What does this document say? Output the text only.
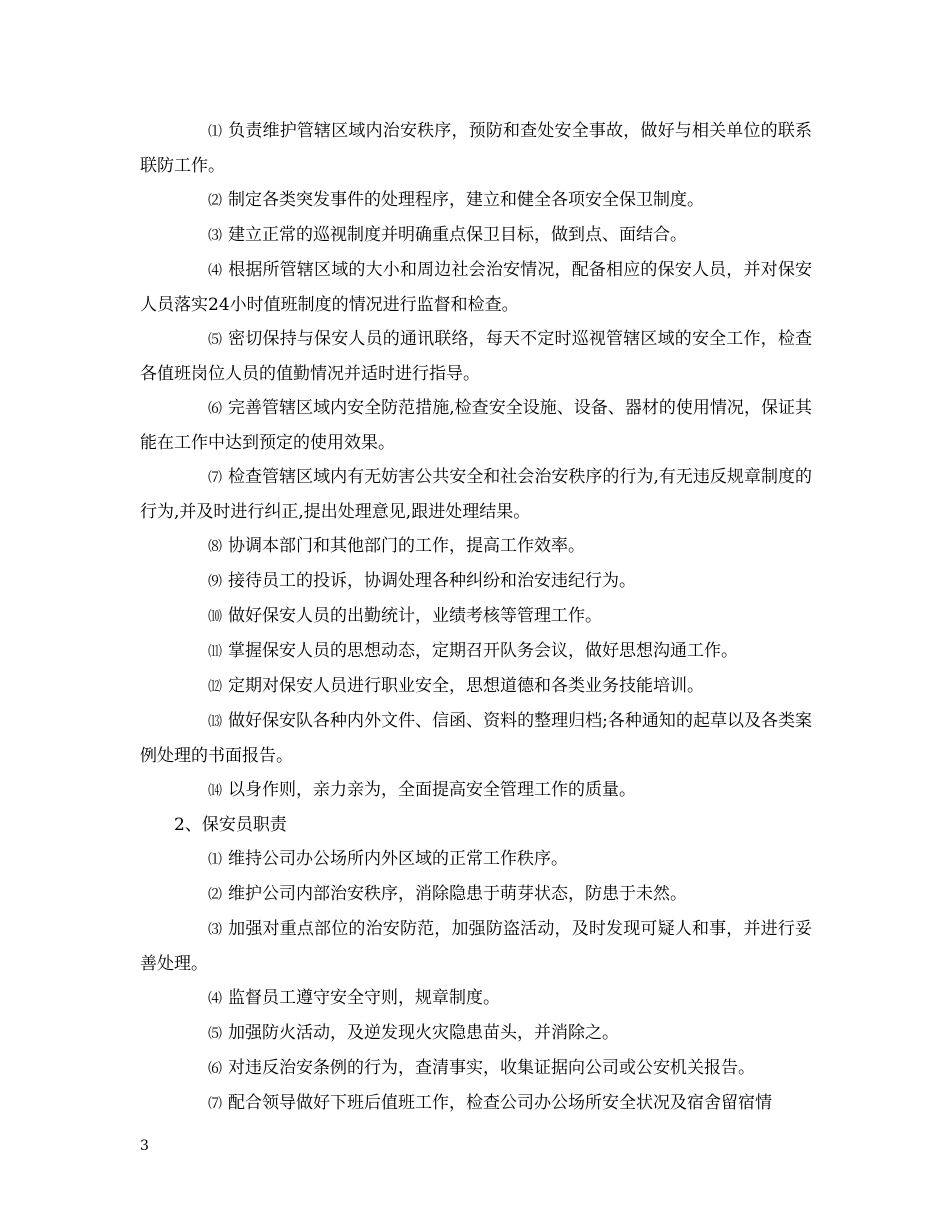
⑴ 负责维护管辖区域内治安秩序，预防和查处安全事故，做好与相关单位的联系联防工作。

⑵ 制定各类突发事件的处理程序，建立和健全各项安全保卫制度。

⑶ 建立正常的巡视制度并明确重点保卫目标，做到点、面结合。

⑷ 根据所管辖区域的大小和周边社会治安情况，配备相应的保安人员，并对保安人员落实24小时值班制度的情况进行监督和检查。

⑸ 密切保持与保安人员的通讯联络，每天不定时巡视管辖区域的安全工作，检查各值班岗位人员的值勤情况并适时进行指导。

⑹ 完善管辖区域内安全防范措施,检查安全设施、设备、器材的使用情况，保证其能在工作中达到预定的使用效果。

⑺ 检查管辖区域内有无妨害公共安全和社会治安秩序的行为,有无违反规章制度的行为,并及时进行纠正,提出处理意见,跟进处理结果。

⑻ 协调本部门和其他部门的工作，提高工作效率。

⑼ 接待员工的投诉，协调处理各种纠纷和治安违纪行为。

⑽ 做好保安人员的出勤统计，业绩考核等管理工作。

⑾ 掌握保安人员的思想动态，定期召开队务会议，做好思想沟通工作。

⑿ 定期对保安人员进行职业安全，思想道德和各类业务技能培训。

⒀ 做好保安队各种内外文件、信函、资料的整理归档;各种通知的起草以及各类案例处理的书面报告。

⒁ 以身作则，亲力亲为，全面提高安全管理工作的质量。

2、保安员职责

⑴ 维持公司办公场所内外区域的正常工作秩序。

⑵ 维护公司内部治安秩序，消除隐患于萌芽状态，防患于未然。

⑶ 加强对重点部位的治安防范，加强防盗活动，及时发现可疑人和事，并进行妥善处理。

⑷ 监督员工遵守安全守则，规章制度。

⑸ 加强防火活动，及逆发现火灾隐患苗头，并消除之。

⑹ 对违反治安条例的行为，查清事实，收集证据向公司或公安机关报告。

⑺ 配合领导做好下班后值班工作，检查公司办公场所安全状况及宿舍留宿情

3
